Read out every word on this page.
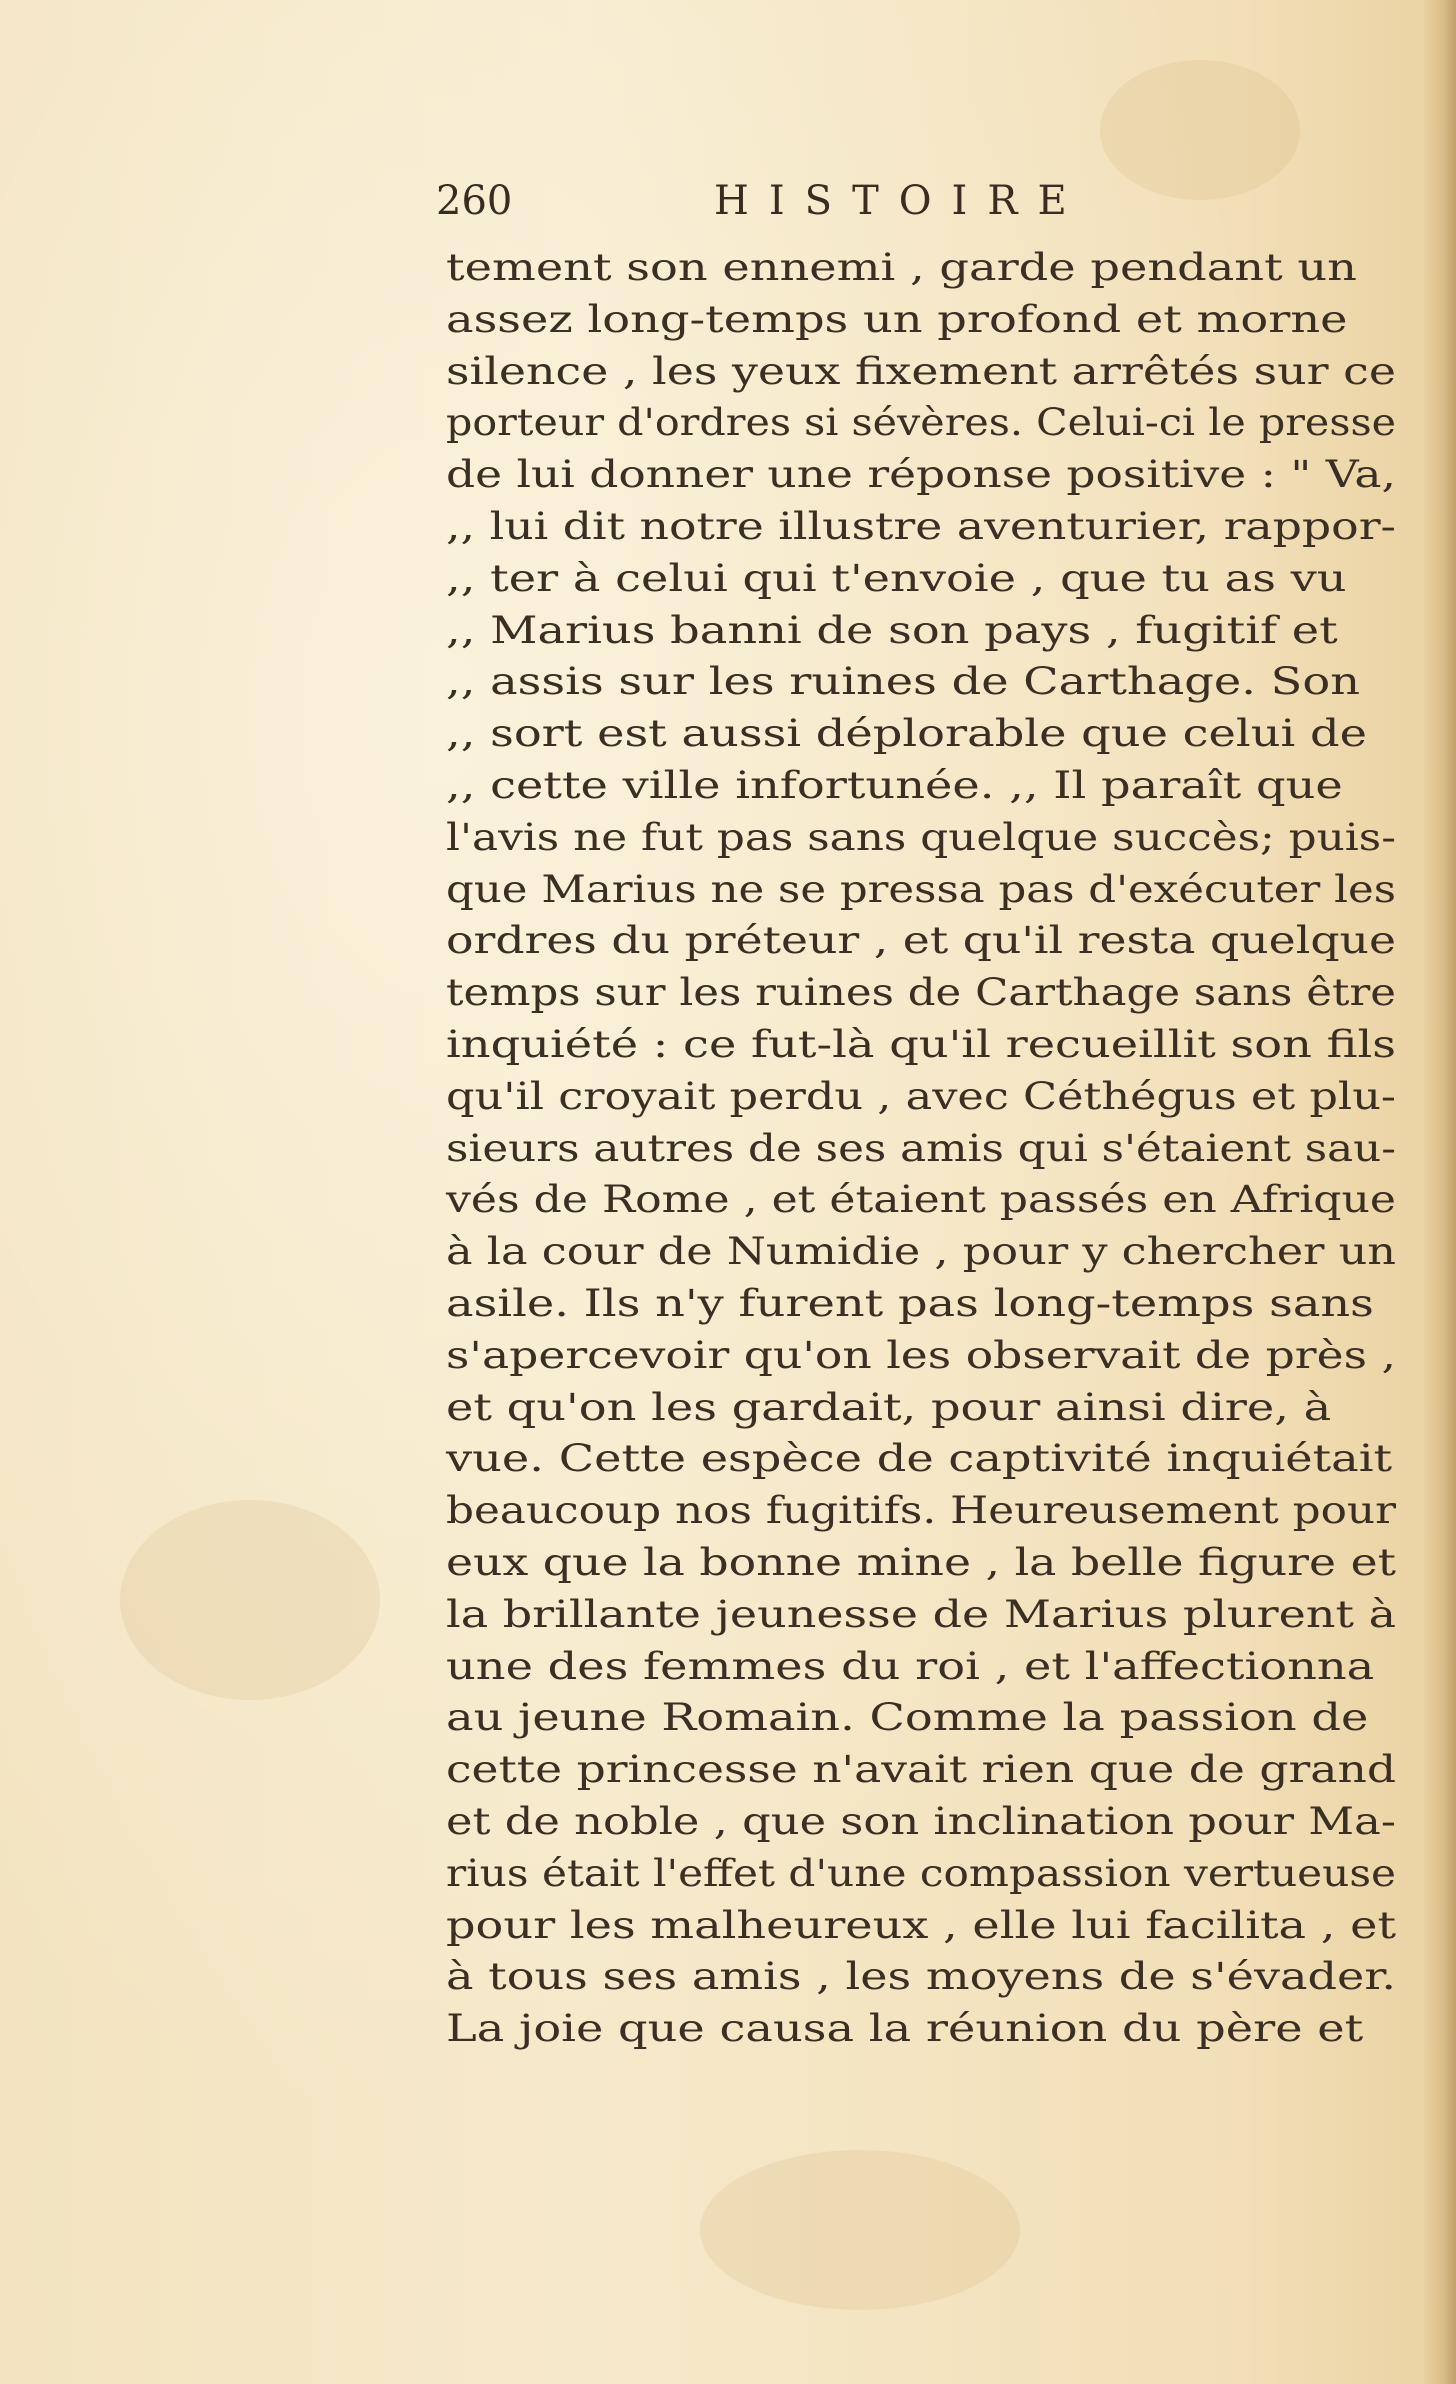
260	HISTOIRE
tement son ennemi , garde pendant un
assez long-temps un profond et morne
silence , les yeux fixement arrêtés sur ce
porteur d'ordres si sévères. Celui-ci le presse
de lui donner une réponse positive : " Va,
,, lui dit notre illustre aventurier, rappor-
,, ter à celui qui t'envoie , que tu as vu
,, Marius banni de son pays , fugitif et
,, assis sur les ruines de Carthage. Son
,, sort est aussi déplorable que celui de
,, cette ville infortunée. ,, Il paraît que
l'avis ne fut pas sans quelque succès; puis-
que Marius ne se pressa pas d'exécuter les
ordres du préteur , et qu'il resta quelque
temps sur les ruines de Carthage sans être
inquiété : ce fut-là qu'il recueillit son fils
qu'il croyait perdu , avec Céthégus et plu-
sieurs autres de ses amis qui s'étaient sau-
vés de Rome , et étaient passés en Afrique
à la cour de Numidie , pour y chercher un
asile. Ils n'y furent pas long-temps sans
s'apercevoir qu'on les observait de près ,
et qu'on les gardait, pour ainsi dire, à
vue. Cette espèce de captivité inquiétait
beaucoup nos fugitifs. Heureusement pour
eux que la bonne mine , la belle figure et
la brillante jeunesse de Marius plurent à
une des femmes du roi , et l'affectionna
au jeune Romain. Comme la passion de
cette princesse n'avait rien que de grand
et de noble , que son inclination pour Ma-
rius était l'effet d'une compassion vertueuse
pour les malheureux , elle lui facilita , et
à tous ses amis , les moyens de s'évader.
La joie que causa la réunion du père et
